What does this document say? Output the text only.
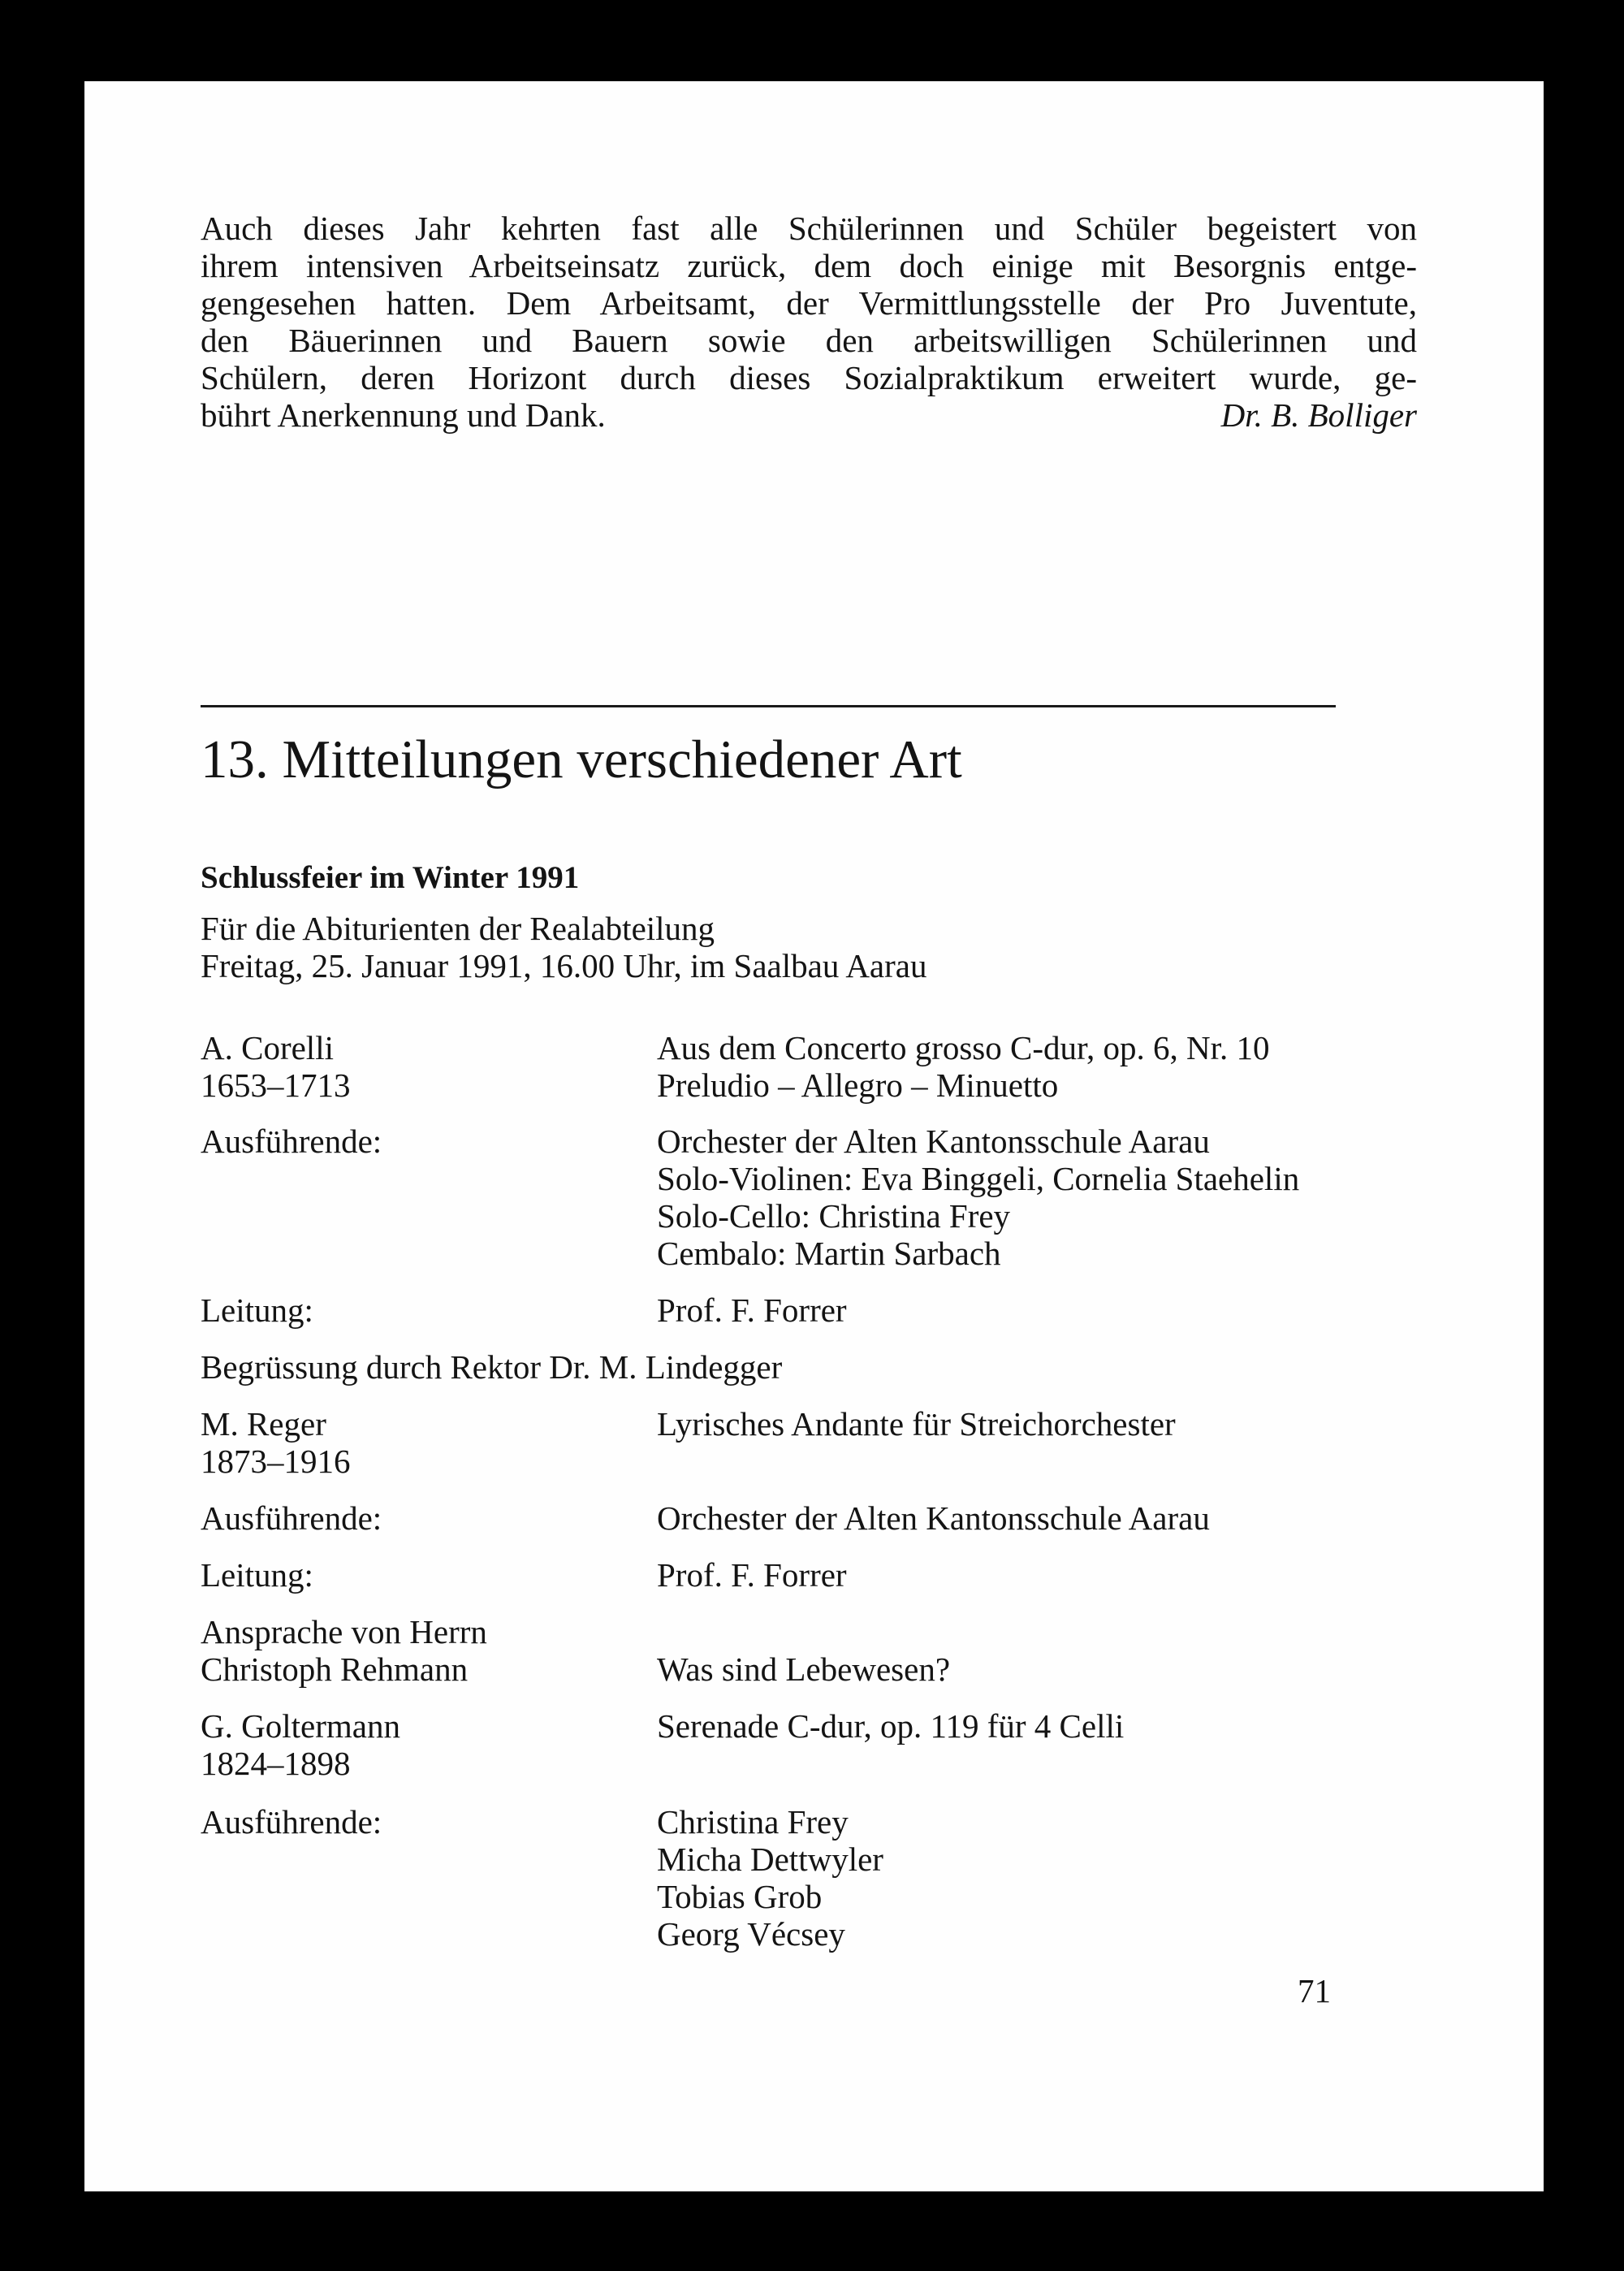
Auch dieses Jahr kehrten fast alle Schülerinnen und Schüler begeistert von
ihrem intensiven Arbeitseinsatz zurück, dem doch einige mit Besorgnis entge-
gengesehen hatten. Dem Arbeitsamt, der Vermittlungsstelle der Pro Juventute,
den Bäuerinnen und Bauern sowie den arbeitswilligen Schülerinnen und
Schülern, deren Horizont durch dieses Sozialpraktikum erweitert wurde, ge-
bührt Anerkennung und Dank.	Dr. B. Bolliger
13. Mitteilungen verschiedener Art
Schlussfeier im Winter 1991
Für die Abiturienten der Realabteilung
Freitag, 25. Januar 1991, 16.00 Uhr, im Saalbau Aarau
A. Corelli	Aus dem Concerto grosso C-dur, op. 6, Nr. 10
1653–1713	Preludio – Allegro – Minuetto
Ausführende:	Orchester der Alten Kantonsschule Aarau
Solo-Violinen: Eva Binggeli, Cornelia Staehelin
Solo-Cello: Christina Frey
Cembalo: Martin Sarbach
Leitung:	Prof. F. Forrer
Begrüssung durch Rektor Dr. M. Lindegger
M. Reger	Lyrisches Andante für Streichorchester
1873–1916
Ausführende:	Orchester der Alten Kantonsschule Aarau
Leitung:	Prof. F. Forrer
Ansprache von Herrn
Christoph Rehmann	Was sind Lebewesen?
G. Goltermann	Serenade C-dur, op. 119 für 4 Celli
1824–1898
Ausführende:	Christina Frey
Micha Dettwyler
Tobias Grob
Georg Vécsey
71
